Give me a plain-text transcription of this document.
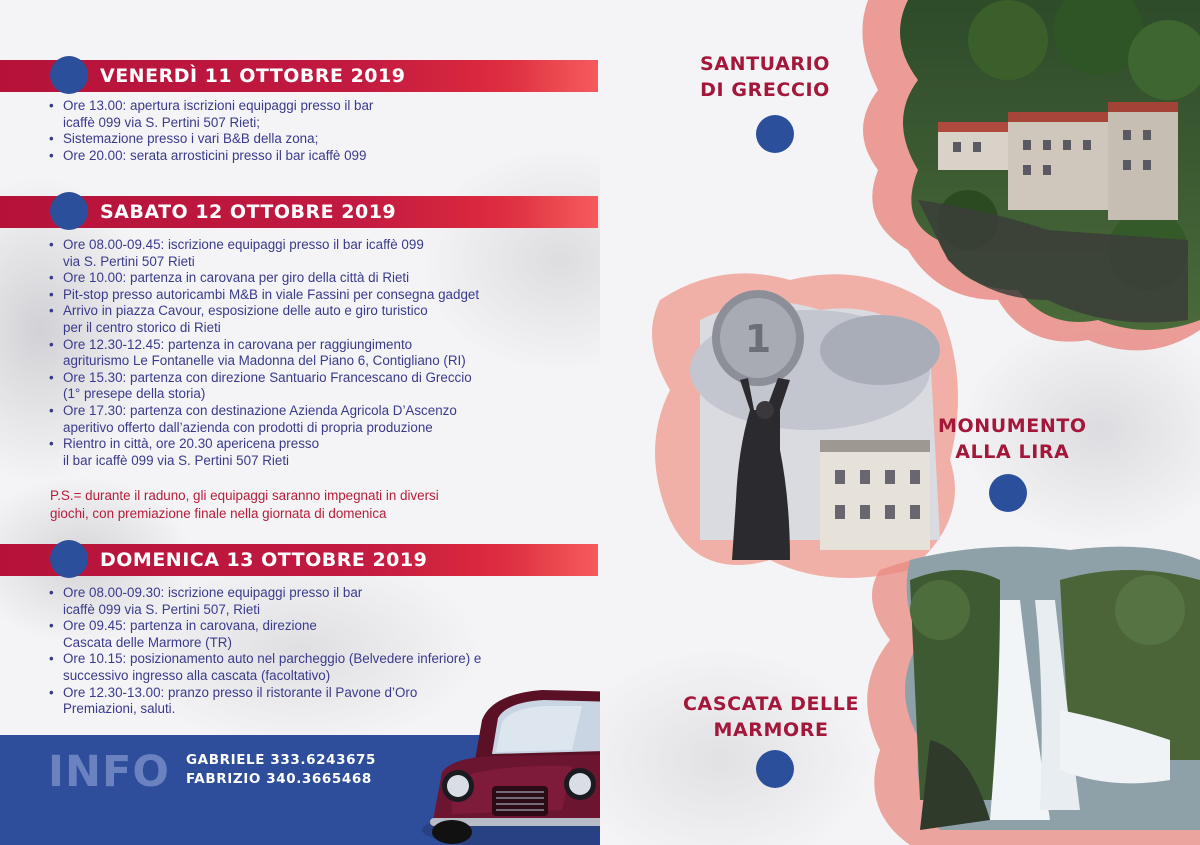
VENERDÌ 11 OTTOBRE 2019
• Ore 13.00: apertura iscrizioni equipaggi presso il bar
icaffè 099 via S. Pertini 507 Rieti;
• Sistemazione presso i vari B&B della zona;
• Ore 20.00: serata arrosticini presso il bar icaffè 099
SABATO 12 OTTOBRE 2019
• Ore 08.00-09.45: iscrizione equipaggi presso il bar icaffè 099
via S. Pertini 507 Rieti
• Ore 10.00: partenza in carovana per giro della città di Rieti
• Pit-stop presso autoricambi M&B in viale Fassini per consegna gadget
• Arrivo in piazza Cavour, esposizione delle auto e giro turistico
per il centro storico di Rieti
• Ore 12.30-12.45: partenza in carovana per raggiungimento
agriturismo Le Fontanelle via Madonna del Piano 6, Contigliano (RI)
• Ore 15.30: partenza con direzione Santuario Francescano di Greccio
(1° presepe della storia)
• Ore 17.30: partenza con destinazione Azienda Agricola D’Ascenzo
aperitivo offerto dall’azienda con prodotti di propria produzione
• Rientro in città, ore 20.30 apericena presso
il bar icaffè 099 via S. Pertini 507 Rieti
P.S.= durante il raduno, gli equipaggi saranno impegnati in diversi
giochi, con premiazione finale nella giornata di domenica
DOMENICA 13 OTTOBRE 2019
• Ore 08.00-09.30: iscrizione equipaggi presso il bar
icaffè 099 via S. Pertini 507, Rieti
• Ore 09.45: partenza in carovana, direzione
Cascata delle Marmore (TR)
• Ore 10.15: posizionamento auto nel parcheggio (Belvedere inferiore) e
successivo ingresso alla cascata (facoltativo)
• Ore 12.30-13.00: pranzo presso il ristorante il Pavone d’Oro
Premiazioni, saluti.
INFO GABRIELE 333.6243675
FABRIZIO 340.3665468
1
SANTUARIO
DI GRECCIO
MONUMENTO
ALLA LIRA
CASCATA DELLE
MARMORE
